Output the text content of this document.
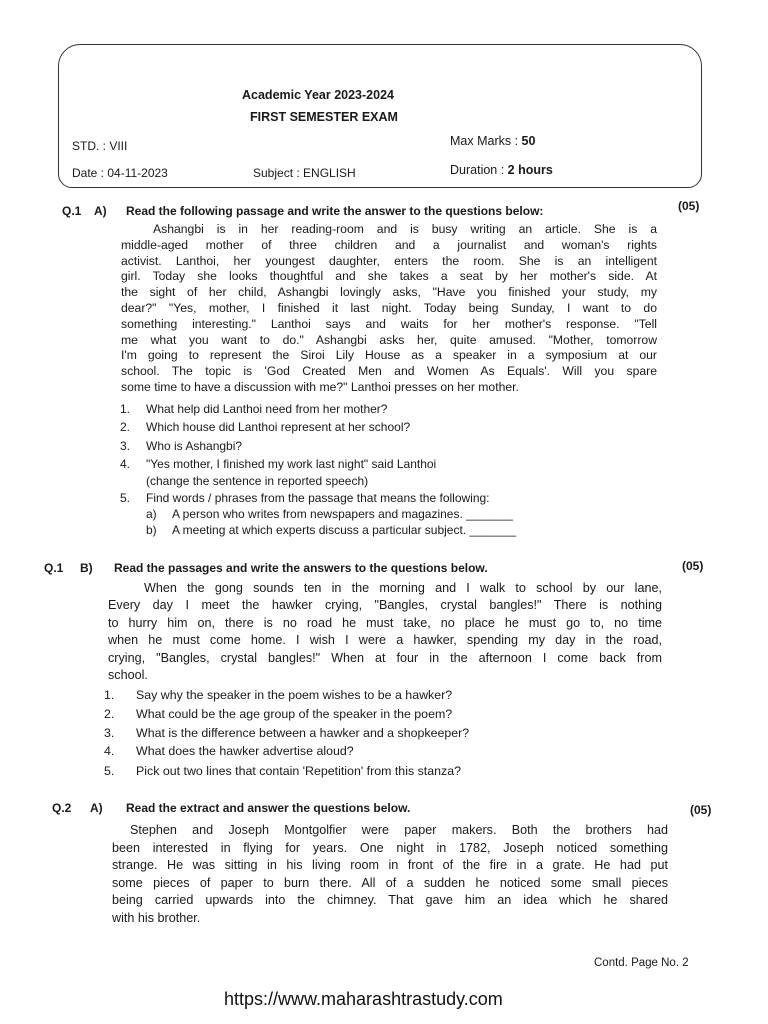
Academic Year 2023-2024
FIRST SEMESTER EXAM
STD. : VIII	Max Marks : 50
Date : 04-11-2023	Subject : ENGLISH	Duration : 2 hours
Q.1 A) Read the following passage and write the answer to the questions below:	(05)
Ashangbi is in her reading-room and is busy writing an article. She is a
middle-aged mother of three children and a journalist and woman's rights
activist. Lanthoi, her youngest daughter, enters the room. She is an intelligent
girl. Today she looks thoughtful and she takes a seat by her mother's side. At
the sight of her child, Ashangbi lovingly asks, "Have you finished your study, my
dear?" "Yes, mother, I finished it last night. Today being Sunday, I want to do
something interesting." Lanthoi says and waits for her mother's response. "Tell
me what you want to do." Ashangbi asks her, quite amused. "Mother, tomorrow
I'm going to represent the Siroi Lily House as a speaker in a symposium at our
school. The topic is 'God Created Men and Women As Equals'. Will you spare
some time to have a discussion with me?" Lanthoi presses on her mother.
1. What help did Lanthoi need from her mother?
2. Which house did Lanthoi represent at her school?
3. Who is Ashangbi?
4. "Yes mother, I finished my work last night" said Lanthoi
(change the sentence in reported speech)
5. Find words / phrases from the passage that means the following:
a) A person who writes from newspapers and magazines. _______
b) A meeting at which experts discuss a particular subject. _______
Q.1 B) Read the passages and write the answers to the questions below.	(05)
When the gong sounds ten in the morning and I walk to school by our lane,
Every day I meet the hawker crying, "Bangles, crystal bangles!" There is nothing
to hurry him on, there is no road he must take, no place he must go to, no time
when he must come home. I wish I were a hawker, spending my day in the road,
crying, "Bangles, crystal bangles!" When at four in the afternoon I come back from
school.
1. Say why the speaker in the poem wishes to be a hawker?
2. What could be the age group of the speaker in the poem?
3. What is the difference between a hawker and a shopkeeper?
4. What does the hawker advertise aloud?
5. Pick out two lines that contain 'Repetition' from this stanza?
Q.2 A) Read the extract and answer the questions below.	(05)
Stephen and Joseph Montgolfier were paper makers. Both the brothers had
been interested in flying for years. One night in 1782, Joseph noticed something
strange. He was sitting in his living room in front of the fire in a grate. He had put
some pieces of paper to burn there. All of a sudden he noticed some small pieces
being carried upwards into the chimney. That gave him an idea which he shared
with his brother.
Contd. Page No. 2
https://www.maharashtrastudy.com
